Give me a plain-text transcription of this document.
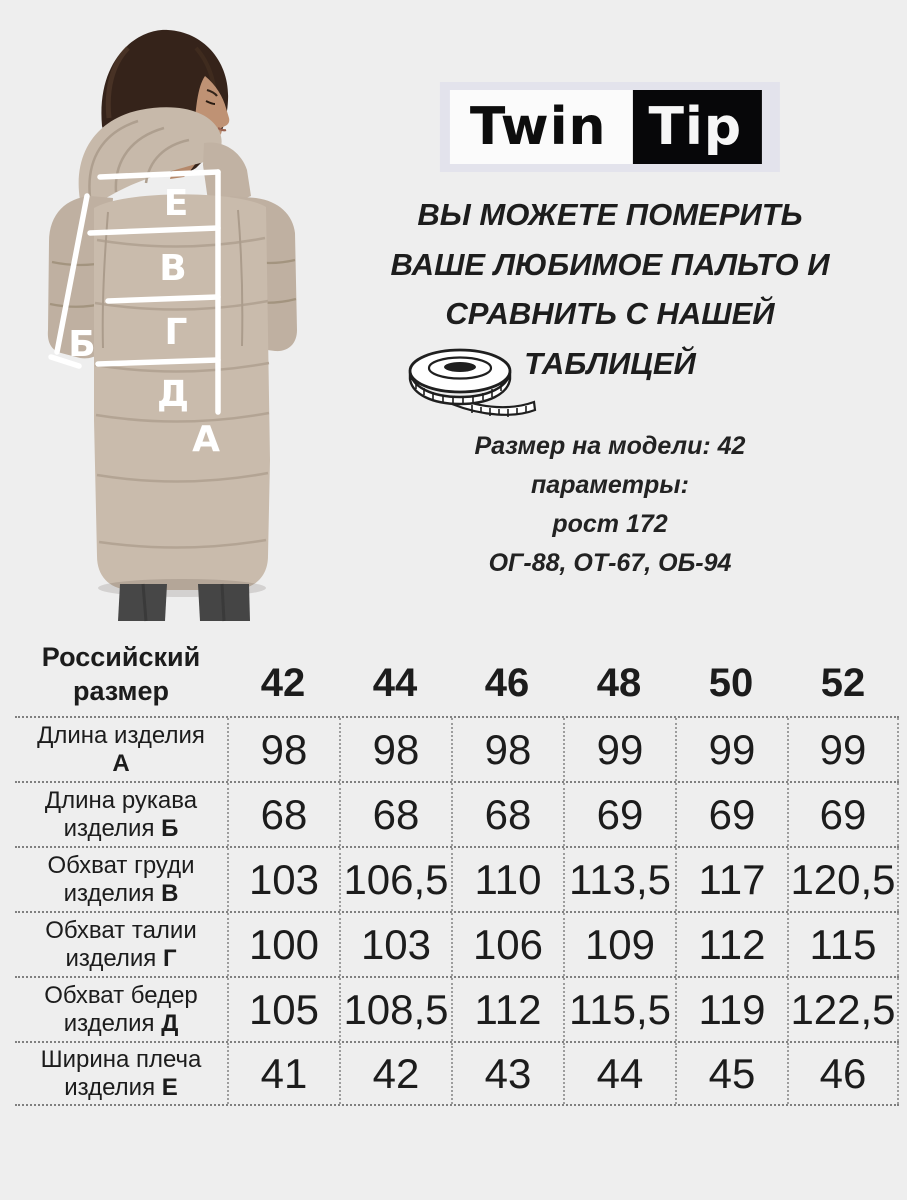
Е
В
Б Г
Д
А
Twin Tip
ВЫ МОЖЕТЕ ПОМЕРИТЬ
ВАШЕ ЛЮБИМОЕ ПАЛЬТО И
СРАВНИТЬ С НАШЕЙ
ТАБЛИЦЕЙ
Размер на модели: 42
параметры:
рост 172
ОГ-88, ОТ-67, ОБ-94
Российский
размер	42	44	46	48	50	52
Длина изделия
А	98	98	98	99	99	99
Длина рукава
изделия Б	68	68	68	69	69	69
Обхват груди
изделия В	103 106,5 110 113,5 117 120,5
Обхват талии
изделия Г	100 103 106 109	112	115
Обхват бедер
изделия Д	105 108,5 112 115,5 119 122,5
Ширина плеча
изделия Е	41	42	43	44	45	46
